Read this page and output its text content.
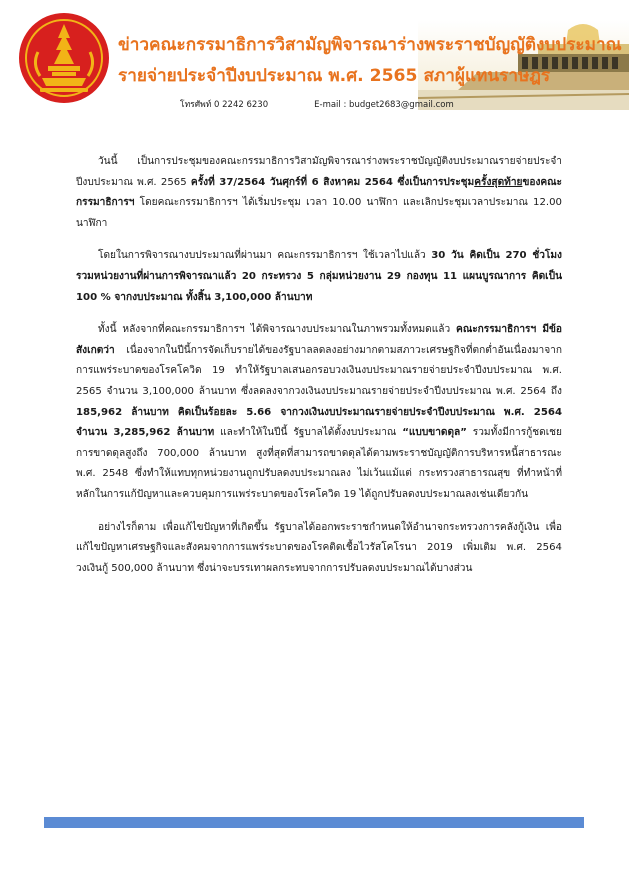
ข่าวคณะกรรมาธิการวิสามัญพิจารณาร่างพระราชบัญญัติงบประมาณ
รายจ่ายประจำปีงบประมาณ พ.ศ. 2565 สภาผู้แทนราษฎร
โทรศัพท์ 0 2242 6230	E-mail : budget2683@gmail.com

วันนี้ เป็นการประชุมของคณะกรรมาธิการวิสามัญพิจารณาร่างพระราชบัญญัติงบประมาณรายจ่ายประจำปีงบประมาณ พ.ศ. 2565 ครั้งที่ 37/2564 วันศุกร์ที่ 6 สิงหาคม 2564 ซึ่งเป็นการประชุมครั้งสุดท้ายของคณะกรรมาธิการฯ โดยคณะกรรมาธิการฯ ได้เริ่มประชุม เวลา 10.00 นาฬิกา และเลิกประชุมเวลาประมาณ 12.00 นาฬิกา

โดยในการพิจารณางบประมาณที่ผ่านมา คณะกรรมาธิการฯ ใช้เวลาไปแล้ว 30 วัน คิดเป็น 270 ชั่วโมง รวมหน่วยงานที่ผ่านการพิจารณาแล้ว 20 กระทรวง 5 กลุ่มหน่วยงาน 29 กองทุน 11 แผนบูรณาการ คิดเป็น 100 % จากงบประมาณ ทั้งสิ้น 3,100,000 ล้านบาท

ทั้งนี้ หลังจากที่คณะกรรมาธิการฯ ได้พิจารณางบประมาณในภาพรวมทั้งหมดแล้ว คณะกรรมาธิการฯ มีข้อสังเกตว่า เนื่องจากในปีนี้การจัดเก็บรายได้ของรัฐบาลลดลงอย่างมากตามสภาวะเศรษฐกิจที่ตกต่ำอันเนื่องมาจากการแพร่ระบาดของโรคโควิด 19 ทำให้รัฐบาลเสนอกรอบวงเงินงบประมาณรายจ่ายประจำปีงบประมาณ พ.ศ. 2565 จำนวน 3,100,000 ล้านบาท ซึ่งลดลงจากวงเงินงบประมาณรายจ่ายประจำปีงบประมาณ พ.ศ. 2564 ถึง 185,962 ล้านบาท คิดเป็นร้อยละ 5.66 จากวงเงินงบประมาณรายจ่ายประจำปีงบประมาณ พ.ศ. 2564 จำนวน 3,285,962 ล้านบาท และทำให้ในปีนี้ รัฐบาลได้ตั้งงบประมาณ “แบบขาดดุล” รวมทั้งมีการกู้ชดเชยการขาดดุลสูงถึง 700,000 ล้านบาท สูงที่สุดที่สามารถขาดดุลได้ตามพระราชบัญญัติการบริหารหนี้สาธารณะ พ.ศ. 2548 ซึ่งทำให้แทบทุกหน่วยงานถูกปรับลดงบประมาณลง ไม่เว้นแม้แต่ กระทรวงสาธารณสุข ที่ทำหน้าที่หลักในการแก้ปัญหาและควบคุมการแพร่ระบาดของโรคโควิด 19 ได้ถูกปรับลดงบประมาณลงเช่นเดียวกัน

อย่างไรก็ตาม เพื่อแก้ไขปัญหาที่เกิดขึ้น รัฐบาลได้ออกพระราชกำหนดให้อำนาจกระทรวงการคลังกู้เงิน เพื่อแก้ไขปัญหาเศรษฐกิจและสังคมจากการแพร่ระบาดของโรคติดเชื้อไวรัสโคโรนา 2019 เพิ่มเติม พ.ศ. 2564 วงเงินกู้ 500,000 ล้านบาท ซึ่งน่าจะบรรเทาผลกระทบจากการปรับลดงบประมาณได้บางส่วน
